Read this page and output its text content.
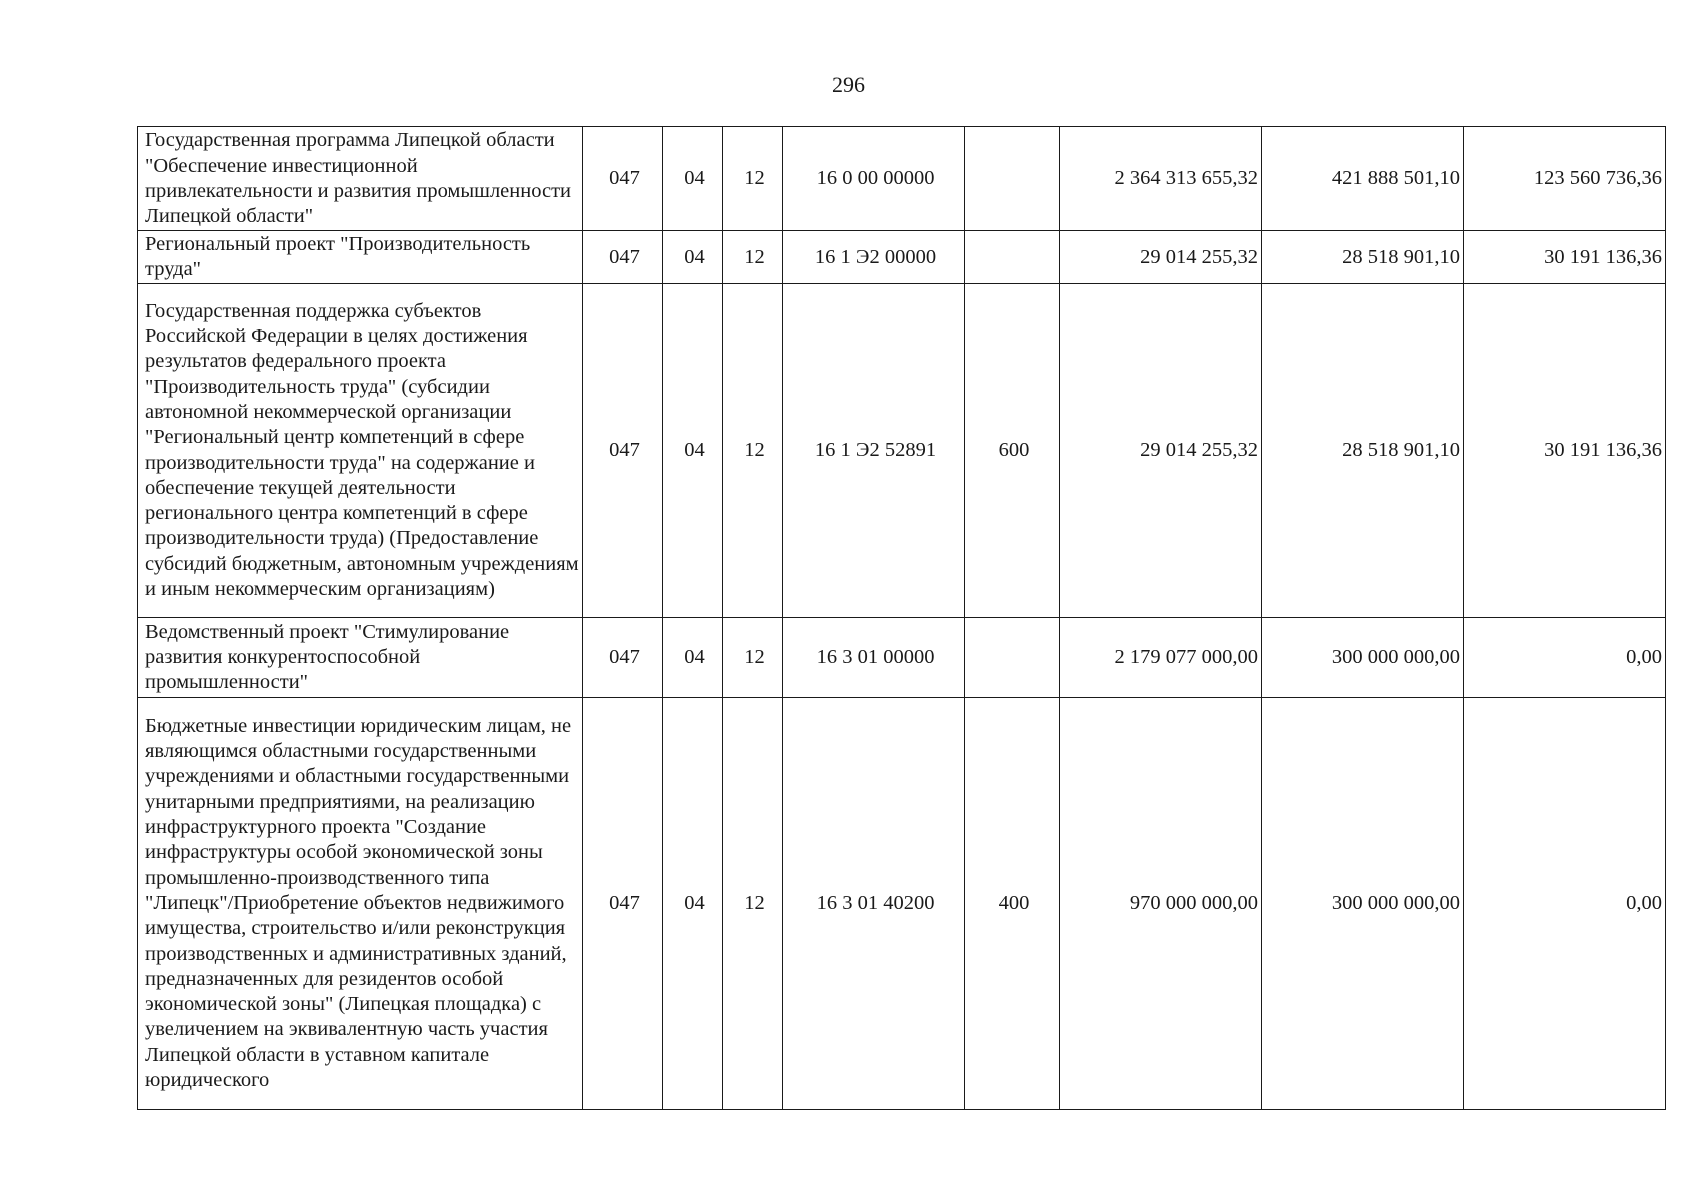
296
Государственная программа Липецкой области "Обеспечение инвестиционной привлекательности и развития промышленности Липецкой области"	047	04	12	16 0 00 00000		2 364 313 655,32	421 888 501,10	123 560 736,36
Региональный проект "Производительность труда"	047	04	12	16 1 Э2 00000		29 014 255,32	28 518 901,10	30 191 136,36
Государственная поддержка субъектов Российской Федерации в целях достижения результатов федерального проекта "Производительность труда" (субсидии автономной некоммерческой организации "Региональный центр компетенций в сфере производительности труда" на содержание и обеспечение текущей деятельности регионального центра компетенций в сфере производительности труда) (Предоставление субсидий бюджетным, автономным учреждениям и иным некоммерческим организациям)	047	04	12	16 1 Э2 52891	600	29 014 255,32	28 518 901,10	30 191 136,36
Ведомственный проект "Стимулирование развития конкурентоспособной промышленности"	047	04	12	16 3 01 00000		2 179 077 000,00	300 000 000,00	0,00
Бюджетные инвестиции юридическим лицам, не являющимся областными государственными учреждениями и областными государственными унитарными предприятиями, на реализацию инфраструктурного проекта "Создание инфраструктуры особой экономической зоны промышленно-производственного типа "Липецк"/Приобретение объектов недвижимого имущества, строительство и/или реконструкция производственных и административных зданий, предназначенных для резидентов особой экономической зоны" (Липецкая площадка) с увеличением на эквивалентную часть участия Липецкой области в уставном капитале юридического	047	04	12	16 3 01 40200	400	970 000 000,00	300 000 000,00	0,00
